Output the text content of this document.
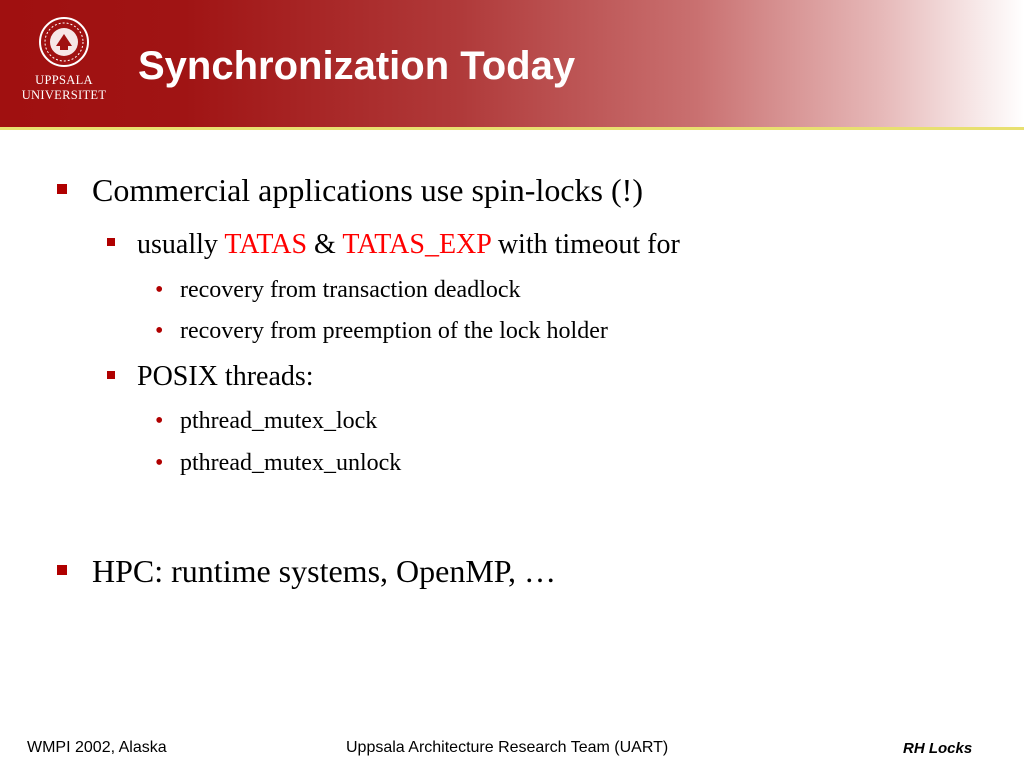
UPPSALA
UNIVERSITET
Synchronization Today
Commercial applications use spin-locks (!)
usually TATAS & TATAS_EXP with timeout for
• recovery from transaction deadlock
• recovery from preemption of the lock holder
POSIX threads:
• pthread_mutex_lock
• pthread_mutex_unlock
HPC: runtime systems, OpenMP, …
WMPI 2002, Alaska	Uppsala Architecture Research Team (UART)	RH Locks
